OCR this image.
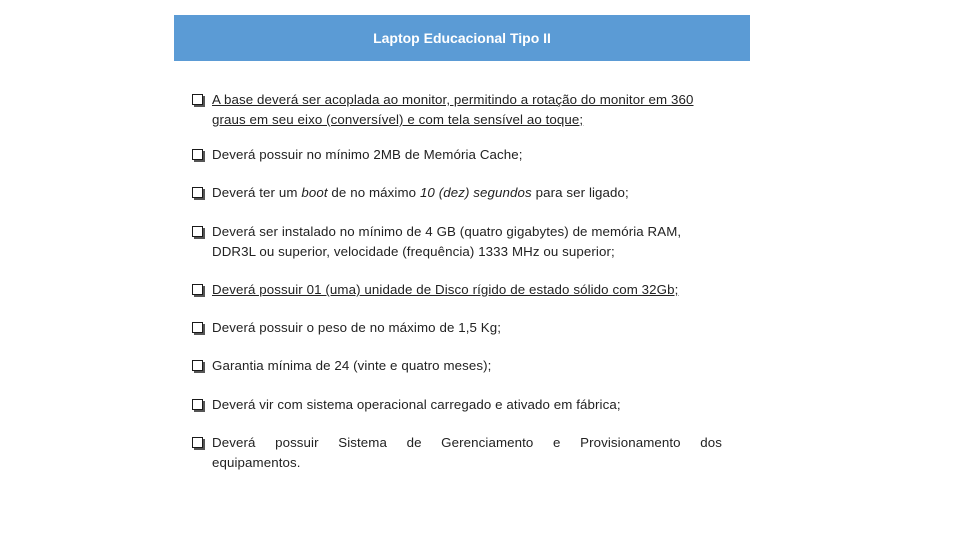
Laptop Educacional Tipo II
A base deverá ser acoplada ao monitor, permitindo a rotação do monitor em 360 graus em seu eixo (conversível) e com tela sensível ao toque;
Deverá possuir no mínimo 2MB de Memória Cache;
Deverá ter um boot de no máximo 10 (dez) segundos para ser ligado;
Deverá ser instalado no mínimo de 4 GB (quatro gigabytes) de memória RAM, DDR3L ou superior, velocidade (frequência) 1333 MHz ou superior;
Deverá possuir 01 (uma) unidade de Disco rígido de estado sólido com 32Gb;
Deverá possuir o peso de no máximo de 1,5 Kg;
Garantia mínima de 24 (vinte e quatro meses);
Deverá vir com sistema operacional carregado e ativado em fábrica;
Deverá possuir Sistema de Gerenciamento e Provisionamento dos
equipamentos.
